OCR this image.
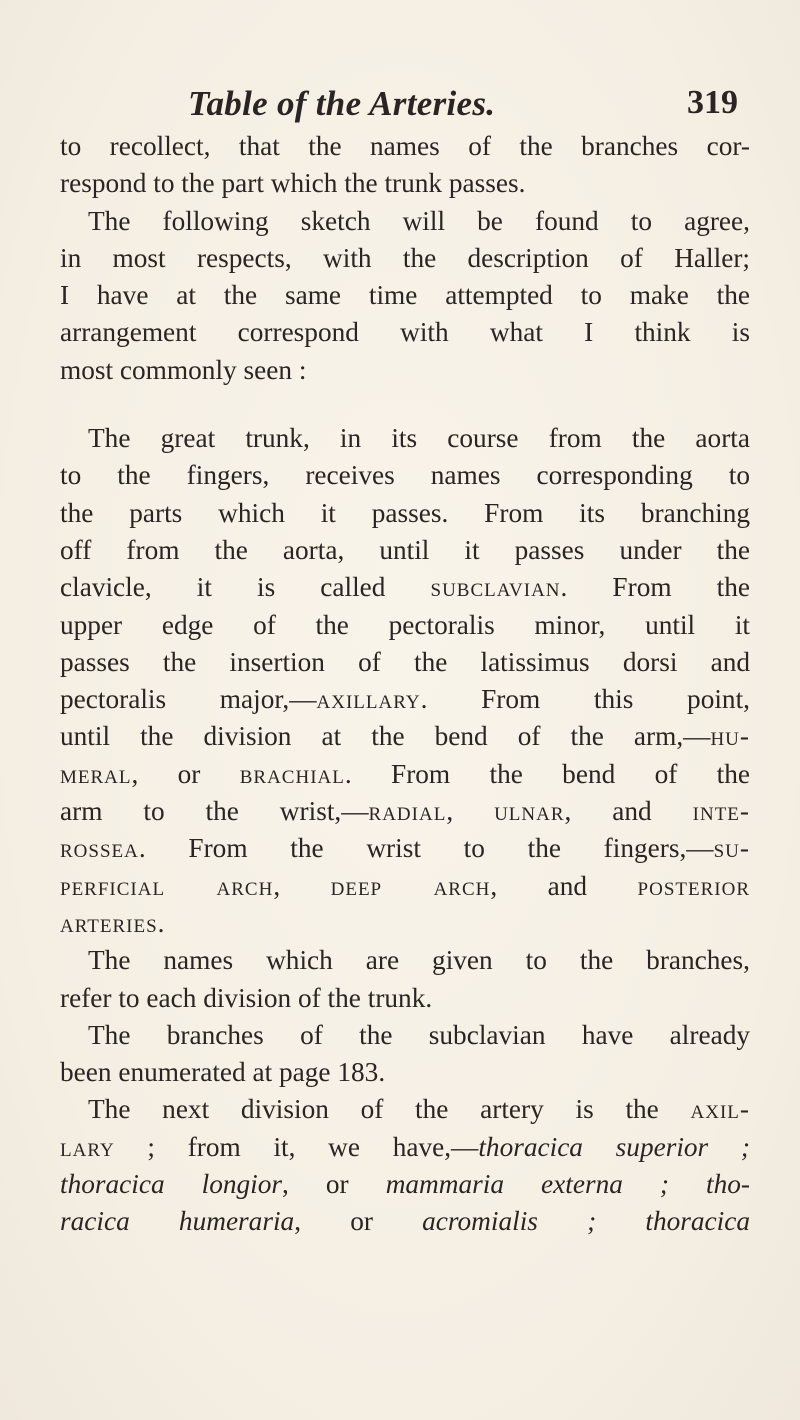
Table of the Arteries.	319
to recollect, that the names of the branches cor-
respond to the part which the trunk passes.
The following sketch will be found to agree,
in most respects, with the description of Haller;
I have at the same time attempted to make the
arrangement correspond with what I think is
most commonly seen :
The great trunk, in its course from the aorta
to the fingers, receives names corresponding to
the parts which it passes. From its branching
off from the aorta, until it passes under the
clavicle, it is called subclavian. From the
upper edge of the pectoralis minor, until it
passes the insertion of the latissimus dorsi and
pectoralis major,—axillary. From this point,
until the division at the bend of the arm,—hu-
meral, or brachial. From the bend of the
arm to the wrist,—radial, ulnar, and inte-
rossea. From the wrist to the fingers,—su-
perficial arch, deep arch, and posterior
arteries.
The names which are given to the branches,
refer to each division of the trunk.
The branches of the subclavian have already
been enumerated at page 183.
The next division of the artery is the axil-
lary ; from it, we have,—thoracica superior ;
thoracica longior, or mammaria externa ; tho-
racica humeraria, or acromialis ; thoracica
